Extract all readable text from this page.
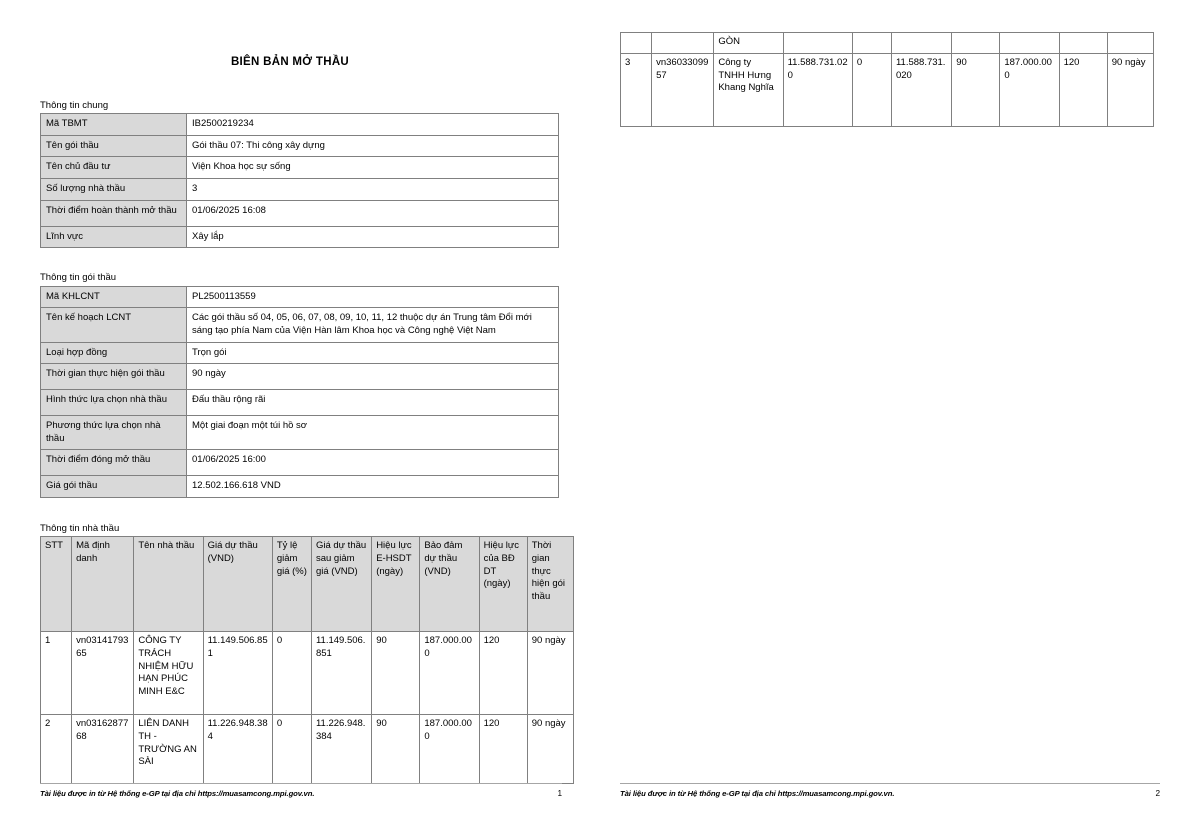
BIÊN BẢN MỞ THẦU
Thông tin chung
Mã TBMT	IB2500219234
Tên gói thầu	Gói thầu 07: Thi công xây dựng
Tên chủ đầu tư	Viện Khoa học sự sống
Số lượng nhà thầu	3
Thời điểm hoàn thành mở thầu	01/06/2025 16:08
Lĩnh vực	Xây lắp
Thông tin gói thầu
Mã KHLCNT	PL2500113559
Tên kế hoạch LCNT	Các gói thầu số 04, 05, 06, 07, 08, 09, 10, 11, 12 thuộc dự án Trung tâm Đổi mới sáng tạo phía Nam của Viện Hàn lâm Khoa học và Công nghệ Việt Nam
Loại hợp đồng	Trọn gói
Thời gian thực hiện gói thầu	90 ngày
Hình thức lựa chọn nhà thầu	Đấu thầu rộng rãi
Phương thức lựa chọn nhà thầu	Một giai đoạn một túi hồ sơ
Thời điểm đóng mở thầu	01/06/2025 16:00
Giá gói thầu	12.502.166.618 VND
Thông tin nhà thầu
STT	Mã định danh	Tên nhà thầu	Giá dự thầu (VND)	Tỷ lệ giảm giá (%)	Giá dự thầu sau giảm giá (VND)	Hiệu lực E-HSDT (ngày)	Bảo đảm dự thầu (VND)	Hiệu lực của BĐ DT (ngày)	Thời gian thực hiện gói thầu
1	vn0314179365	CÔNG TY TRÁCH NHIỆM HỮU HẠN PHÚC MINH E&C	11.149.506.851	0	11.149.506.851	90	187.000.000	120	90 ngày
2	vn0316287768	LIÊN DANH TH - TRƯỜNG AN SÀI	11.226.948.384	0	11.226.948.384	90	187.000.000	120	90 ngày
Tài liệu được in từ Hệ thống e-GP tại địa chỉ https://muasamcong.mpi.gov.vn.	1
		GÒN							
3	vn3603309957	Công ty TNHH Hưng Khang Nghĩa	11.588.731.020	0	11.588.731.020	90	187.000.000	120	90 ngày
Tài liệu được in từ Hệ thống e-GP tại địa chỉ https://muasamcong.mpi.gov.vn.	2
